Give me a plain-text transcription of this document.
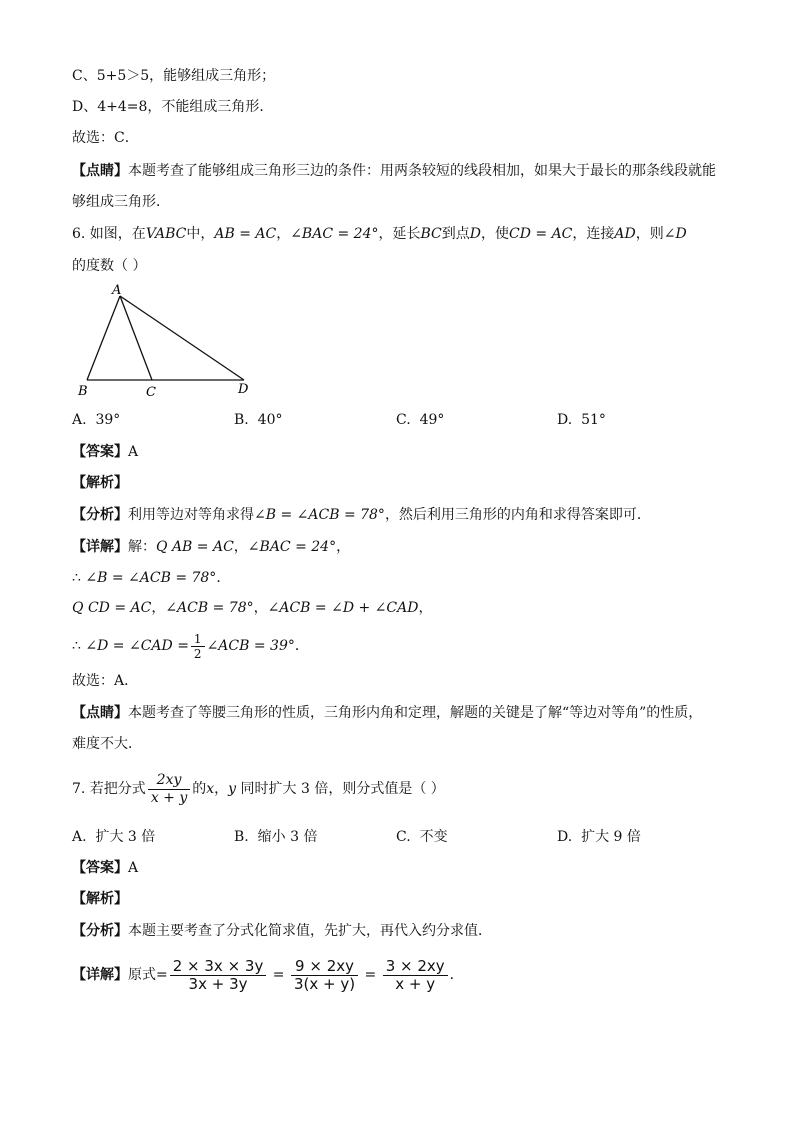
C、5+5＞5，能够组成三角形；
D、4+4=8，不能组成三角形．
故选：C．
【点睛】本题考查了能够组成三角形三边的条件：用两条较短的线段相加，如果大于最长的那条线段就能
够组成三角形．
6. 如图，在VABC中，AB = AC，∠BAC = 24°，延长BC到点D，使CD = AC，连接AD，则∠D
的度数（ ）
A
B	C	D
A. 39°	B. 40°	C. 49°	D. 51°
【答案】A
【解析】
【分析】利用等边对等角求得∠B = ∠ACB = 78°，然后利用三角形的内角和求得答案即可．
【详解】解：Q AB = AC，∠BAC = 24°，
∴ ∠B = ∠ACB = 78°．
Q CD = AC，∠ACB = 78°，∠ACB = ∠D + ∠CAD，
∴ ∠D = ∠CAD = $\frac{1}{2}$ ∠ACB = 39°．
故选：A．
【点睛】本题考查了等腰三角形的性质，三角形内角和定理，解题的关键是了解“等边对等角”的性质，
难度不大．
7. 若把分式 $\frac{2xy}{x + y}$ 的x，y 同时扩大 3 倍，则分式值是（ ）
A. 扩大 3 倍	B. 缩小 3 倍	C. 不变	D. 扩大 9 倍
【答案】A
【解析】
【分析】本题主要考查了分式化简求值，先扩大，再代入约分求值．
【详解】原式= $\frac{2 \times 3x \times 3y}{3x + 3y} = \frac{9 \times 2xy}{3(x + y)} = \frac{3 \times 2xy}{x + y}$ ．
